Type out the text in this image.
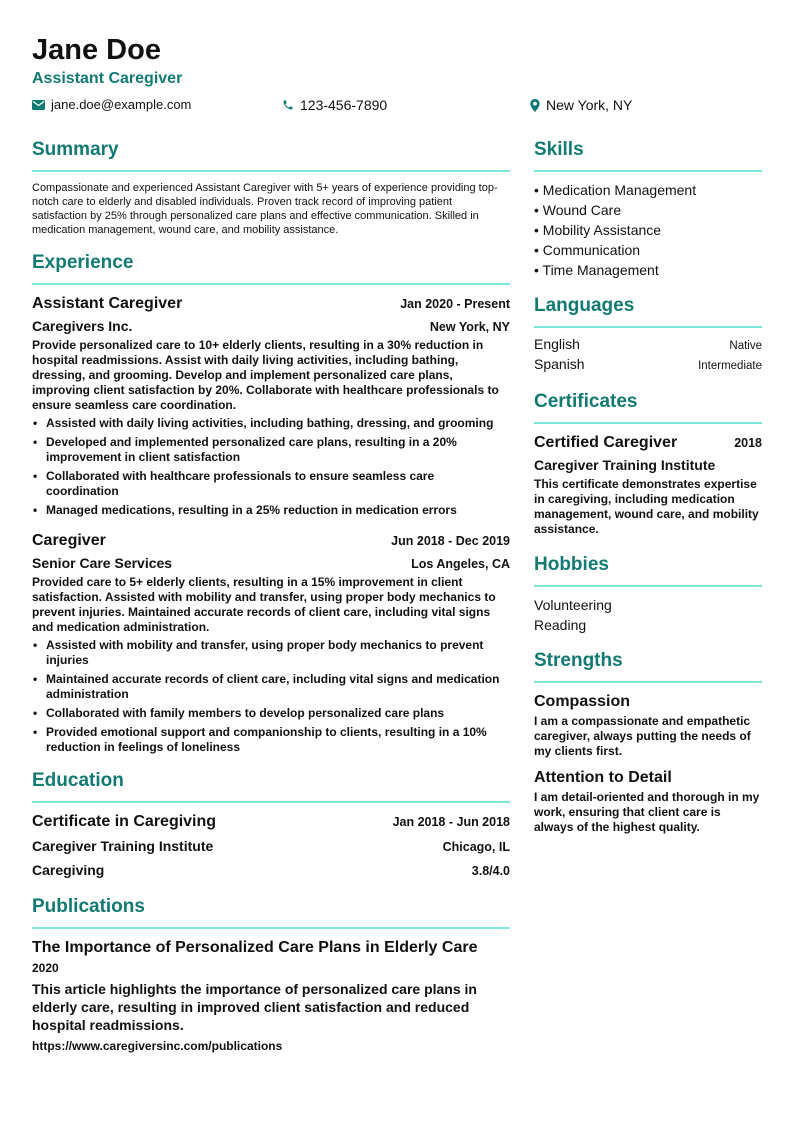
Jane Doe
Assistant Caregiver
jane.doe@example.com	123-456-7890	New York, NY
Summary
Compassionate and experienced Assistant Caregiver with 5+ years of experience providing top-notch care to elderly and disabled individuals. Proven track record of improving patient satisfaction by 25% through personalized care plans and effective communication. Skilled in medication management, wound care, and mobility assistance.
Experience
Assistant Caregiver	Jan 2020 - Present
Caregivers Inc.	New York, NY
Provide personalized care to 10+ elderly clients, resulting in a 30% reduction in hospital readmissions. Assist with daily living activities, including bathing, dressing, and grooming. Develop and implement personalized care plans, improving client satisfaction by 20%. Collaborate with healthcare professionals to ensure seamless care coordination.
• Assisted with daily living activities, including bathing, dressing, and grooming
• Developed and implemented personalized care plans, resulting in a 20% improvement in client satisfaction
• Collaborated with healthcare professionals to ensure seamless care coordination
• Managed medications, resulting in a 25% reduction in medication errors
Caregiver	Jun 2018 - Dec 2019
Senior Care Services	Los Angeles, CA
Provided care to 5+ elderly clients, resulting in a 15% improvement in client satisfaction. Assisted with mobility and transfer, using proper body mechanics to prevent injuries. Maintained accurate records of client care, including vital signs and medication administration.
• Assisted with mobility and transfer, using proper body mechanics to prevent injuries
• Maintained accurate records of client care, including vital signs and medication administration
• Collaborated with family members to develop personalized care plans
• Provided emotional support and companionship to clients, resulting in a 10% reduction in feelings of loneliness
Education
Certificate in Caregiving	Jan 2018 - Jun 2018
Caregiver Training Institute	Chicago, IL
Caregiving	3.8/4.0
Publications
The Importance of Personalized Care Plans in Elderly Care
2020
This article highlights the importance of personalized care plans in elderly care, resulting in improved client satisfaction and reduced hospital readmissions.
https://www.caregiversinc.com/publications
Skills
• Medication Management
• Wound Care
• Mobility Assistance
• Communication
• Time Management
Languages
English	Native
Spanish	Intermediate
Certificates
Certified Caregiver	2018
Caregiver Training Institute
This certificate demonstrates expertise in caregiving, including medication management, wound care, and mobility assistance.
Hobbies
Volunteering
Reading
Strengths
Compassion
I am a compassionate and empathetic caregiver, always putting the needs of my clients first.
Attention to Detail
I am detail-oriented and thorough in my work, ensuring that client care is always of the highest quality.
